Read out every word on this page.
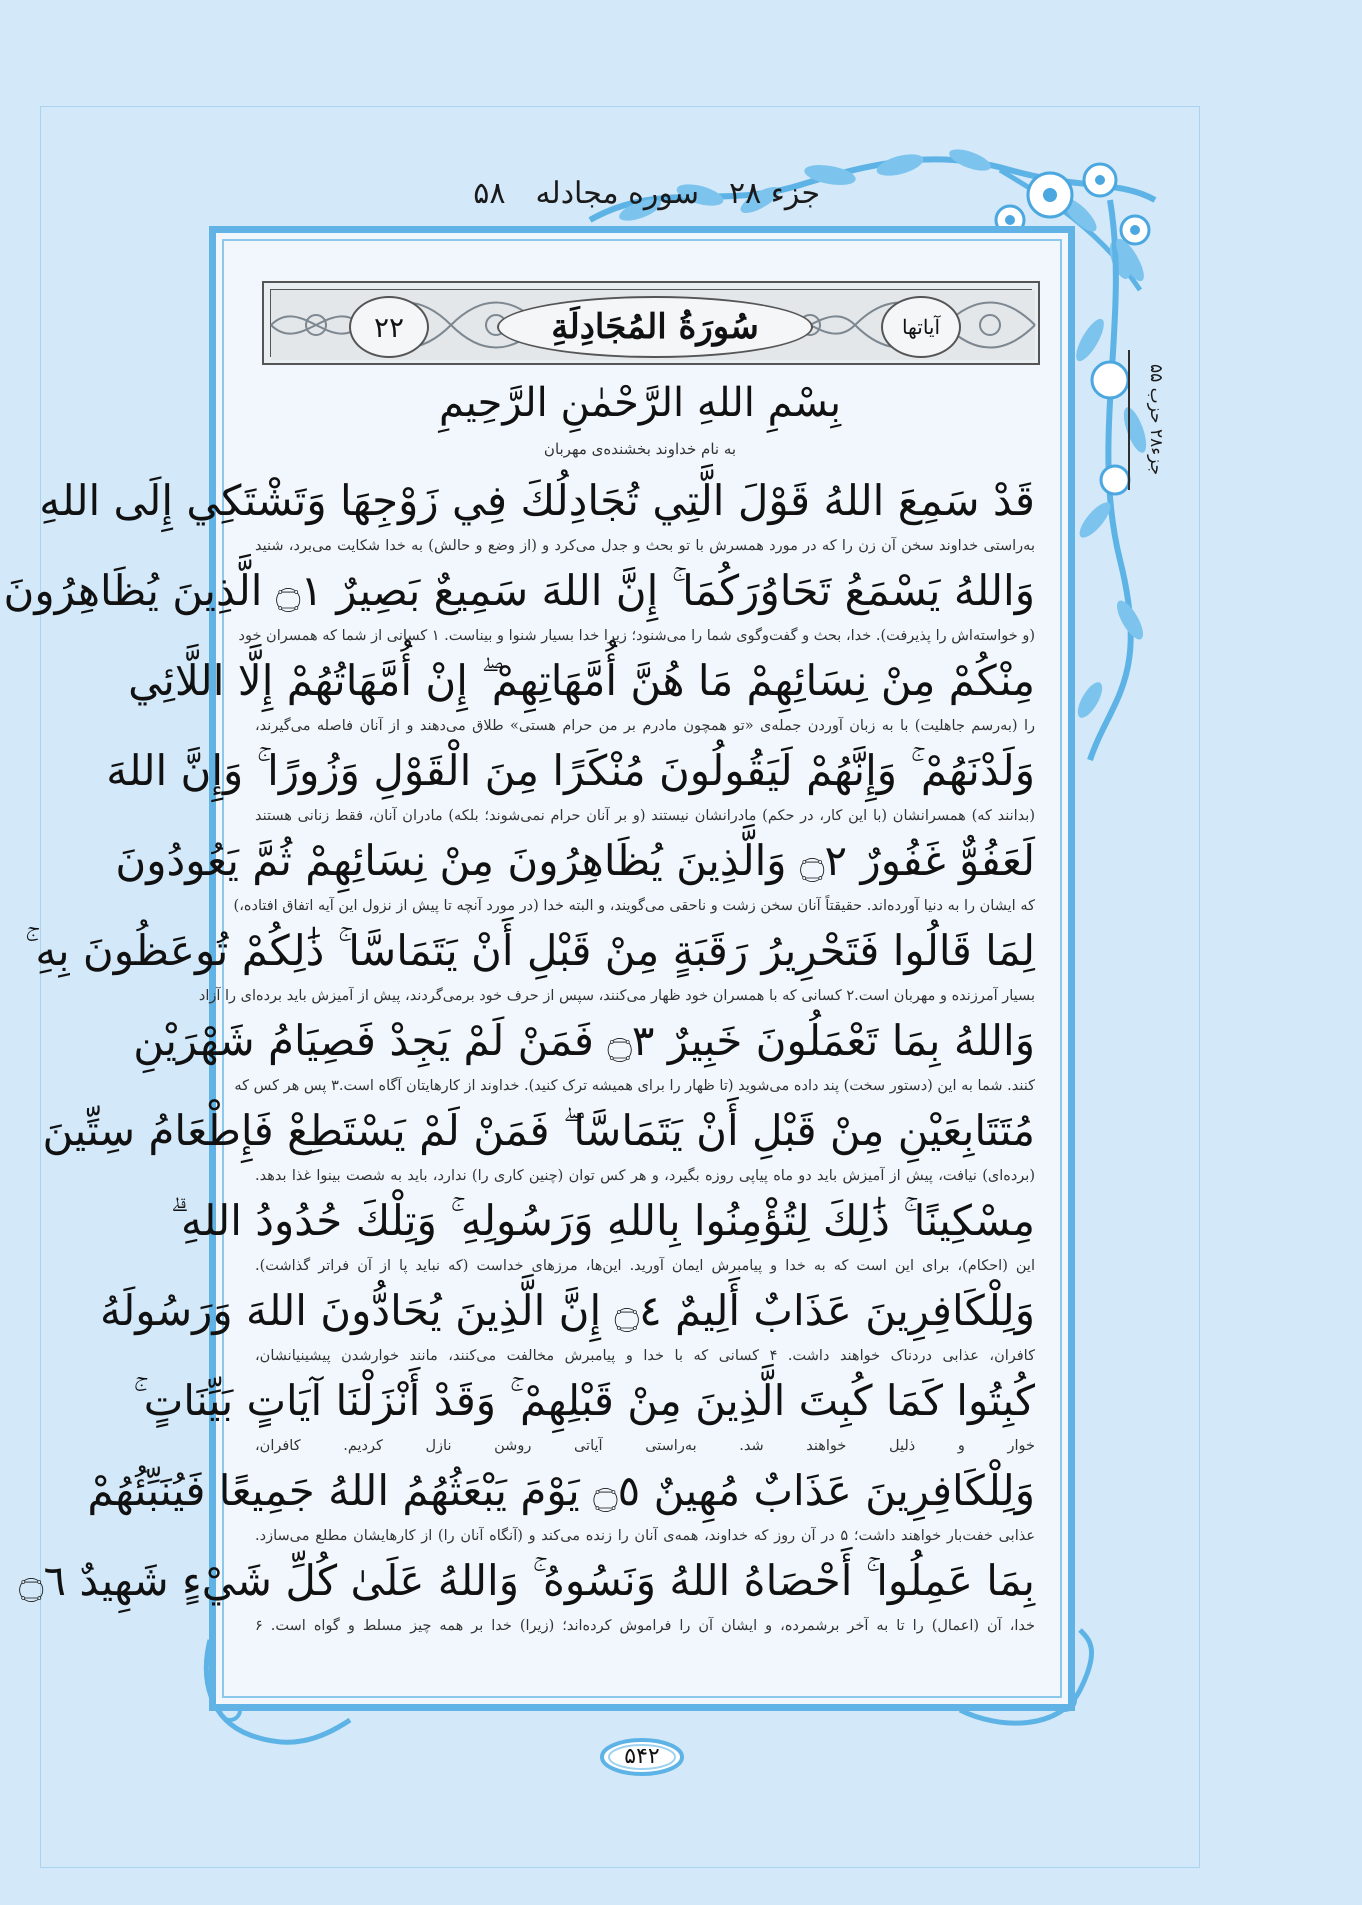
جزء ۲۸
سوره مجادله
۵۸
جزء۲۸ حزب ۵۵
۲۲	سُورَةُ المُجَادِلَةِ	آیاتها
بِسْمِ اللهِ الرَّحْمٰنِ الرَّحِيمِ
به نام خداوند بخشنده‌ی مهربان
قَدْ سَمِعَ اللهُ قَوْلَ الَّتِي تُجَادِلُكَ فِي زَوْجِهَا وَتَشْتَكِي إِلَى اللهِ
به‌راستی خداوند سخن آن زن را که در مورد همسرش با تو بحث و جدل می‌کرد و (از وضع و حالش) به خدا شکایت می‌برد، شنید
وَاللهُ يَسْمَعُ تَحَاوُرَكُمَا ۚ إِنَّ اللهَ سَمِيعٌ بَصِيرٌ ۝١ الَّذِينَ يُظَاهِرُونَ
(و خواسته‌اش را پذیرفت). خدا، بحث و گفت‌وگوی شما را می‌شنود؛ زیرا خدا بسیار شنوا و بیناست. ۱ کسانی از شما که همسران خود
مِنْكُمْ مِنْ نِسَائِهِمْ مَا هُنَّ أُمَّهَاتِهِمْ ۖ إِنْ أُمَّهَاتُهُمْ إِلَّا اللَّائِي
را (به‌رسم جاهلیت) با به زبان آوردن جمله‌ی «تو همچون مادرم بر من حرام هستی» طلاق می‌دهند و از آنان فاصله می‌گیرند،
وَلَدْنَهُمْ ۚ وَإِنَّهُمْ لَيَقُولُونَ مُنْكَرًا مِنَ الْقَوْلِ وَزُورًا ۚ وَإِنَّ اللهَ
(بدانند که) همسرانشان (با این کار، در حکم) مادرانشان نیستند (و بر آنان حرام نمی‌شوند؛ بلکه) مادران آنان، فقط زنانی هستند
لَعَفُوٌّ غَفُورٌ ۝٢ وَالَّذِينَ يُظَاهِرُونَ مِنْ نِسَائِهِمْ ثُمَّ يَعُودُونَ
که ایشان را به دنیا آورده‌اند. حقیقتاً آنان سخن زشت و ناحقی می‌گویند، و البته خدا (در مورد آنچه تا پیش از نزول این آیه اتفاق افتاده،)
لِمَا قَالُوا فَتَحْرِيرُ رَقَبَةٍ مِنْ قَبْلِ أَنْ يَتَمَاسَّا ۚ ذَٰلِكُمْ تُوعَظُونَ بِهِ ۚ
بسیار آمرزنده و مهربان است.۲ کسانی که با همسران خود ظهار می‌کنند، سپس از حرف خود برمی‌گردند، پیش از آمیزش باید برده‌ای را آزاد
وَاللهُ بِمَا تَعْمَلُونَ خَبِيرٌ ۝٣ فَمَنْ لَمْ يَجِدْ فَصِيَامُ شَهْرَيْنِ
کنند. شما به این (دستور سخت) پند داده می‌شوید (تا ظهار را برای همیشه ترک کنید). خداوند از کارهایتان آگاه است.۳ پس هر کس که
مُتَتَابِعَيْنِ مِنْ قَبْلِ أَنْ يَتَمَاسَّا ۖ فَمَنْ لَمْ يَسْتَطِعْ فَإِطْعَامُ سِتِّينَ
(برده‌ای) نیافت، پیش از آمیزش باید دو ماه پیاپی روزه بگیرد، و هر کس توان (چنین کاری را) ندارد، باید به شصت بینوا غذا بدهد.
مِسْكِينًا ۚ ذَٰلِكَ لِتُؤْمِنُوا بِاللهِ وَرَسُولِهِ ۚ وَتِلْكَ حُدُودُ اللهِ ۗ
این (احکام)، برای این است که به خدا و پیامبرش ایمان آورید. این‌ها، مرزهای خداست (که نباید پا از آن فراتر گذاشت).
وَلِلْكَافِرِينَ عَذَابٌ أَلِيمٌ ۝٤ إِنَّ الَّذِينَ يُحَادُّونَ اللهَ وَرَسُولَهُ
کافران، عذابی دردناک خواهند داشت. ۴ کسانی که با خدا و پیامبرش مخالفت می‌کنند، مانند خوارشدن پیشینیانشان،
كُبِتُوا كَمَا كُبِتَ الَّذِينَ مِنْ قَبْلِهِمْ ۚ وَقَدْ أَنْزَلْنَا آيَاتٍ بَيِّنَاتٍ ۚ
خوار و ذلیل خواهند شد. به‌راستی آیاتی روشن نازل کردیم. کافران،
وَلِلْكَافِرِينَ عَذَابٌ مُهِينٌ ۝٥ يَوْمَ يَبْعَثُهُمُ اللهُ جَمِيعًا فَيُنَبِّئُهُمْ
عذابی خفت‌بار خواهند داشت؛ ۵ در آن روز که خداوند، همه‌ی آنان را زنده می‌کند و (آنگاه آنان را) از کارهایشان مطلع می‌سازد.
بِمَا عَمِلُوا ۚ أَحْصَاهُ اللهُ وَنَسُوهُ ۚ وَاللهُ عَلَىٰ كُلِّ شَيْءٍ شَهِيدٌ ۝٦
خدا، آن (اعمال) را تا به آخر برشمرده، و ایشان آن را فراموش کرده‌اند؛ (زیرا) خدا بر همه چیز مسلط و گواه است. ۶
۵۴۲
